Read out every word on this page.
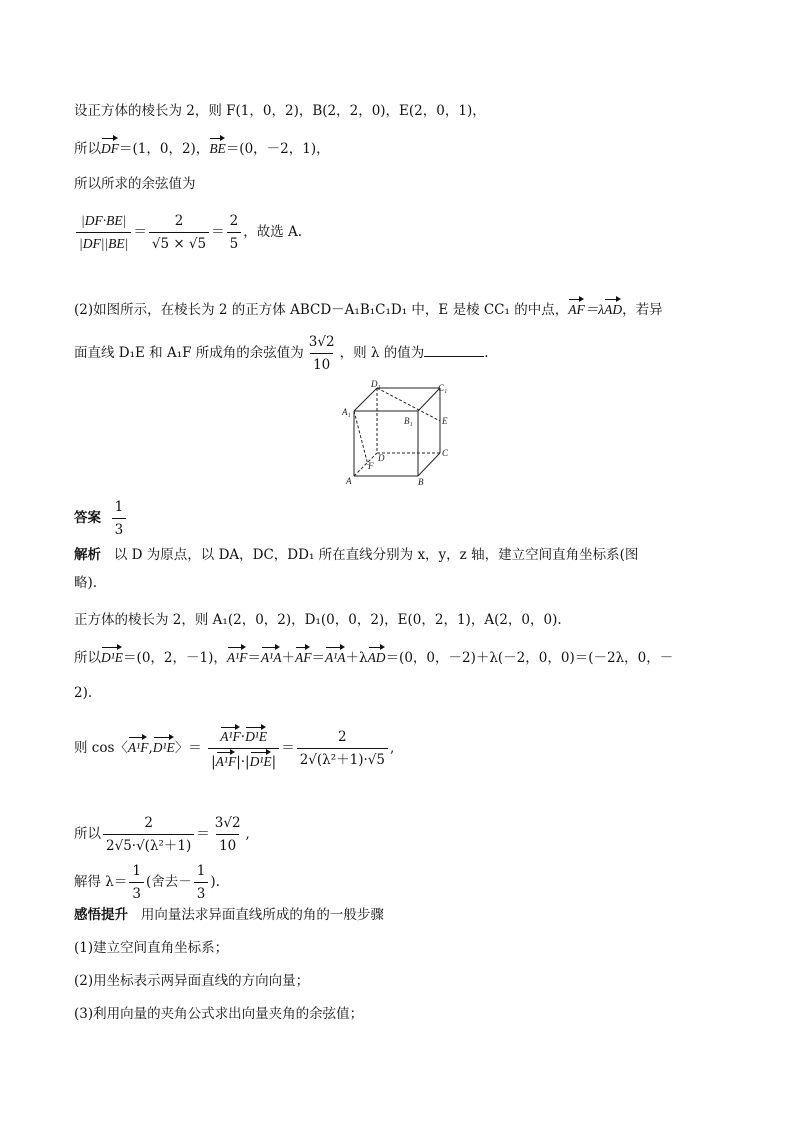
设正方体的棱长为 2，则 F(1，0，2)，B(2，2，0)，E(2，0，1)，
所以DF＝(1，0，2)，BE＝(0，－2，1)，
所以所求的余弦值为
$\frac{|DF\cdot BE|}{|DF||BE|} = \frac{2}{√5 \times √5} = \frac{2}{5}$ ，故选 A.
(2)如图所示，在棱长为 2 的正方体 ABCD－A₁B₁C₁D₁ 中，E 是棱 CC₁ 的中点，AF＝λAD，若异
面直线 D₁E 和 A₁F 所成角的余弦值为 $\frac{3√2}{10}$ ，则 λ 的值为	.
D₁	C₁
A₁
B₁	E
D	C
F
A	B
答案 $\frac{1}{3}$
解析 以 D 为原点，以 DA，DC，DD₁ 所在直线分别为 x，y，z 轴，建立空间直角坐标系(图
略).
正方体的棱长为 2，则 A₁(2，0，2)，D₁(0，0，2)，E(0，2，1)，A(2，0，0).
所以D¹E＝(0，2，－1)，A¹F＝A¹A＋AF＝A¹A＋λAD＝(0，0，－2)＋λ(－2，0，0)＝(－2λ，0，－
2).
则 cos〈A¹F,D¹E〉＝ $\frac{\text{A¹F·D¹E}}{\text{|A¹F|·|D¹E|}} = \frac{2}{\text{2√(λ²＋1)·√5}}$ ,
所以 $\frac{2}{\text{2√5·√(λ²＋1)}} = \frac{3√2}{10}$ ,
解得 $\lambda= \frac{1}{3}$ (舍去－ $\frac{1}{3}$ ).
感悟提升 用向量法求异面直线所成的角的一般步骤
(1)建立空间直角坐标系；
(2)用坐标表示两异面直线的方向向量；
(3)利用向量的夹角公式求出向量夹角的余弦值；
